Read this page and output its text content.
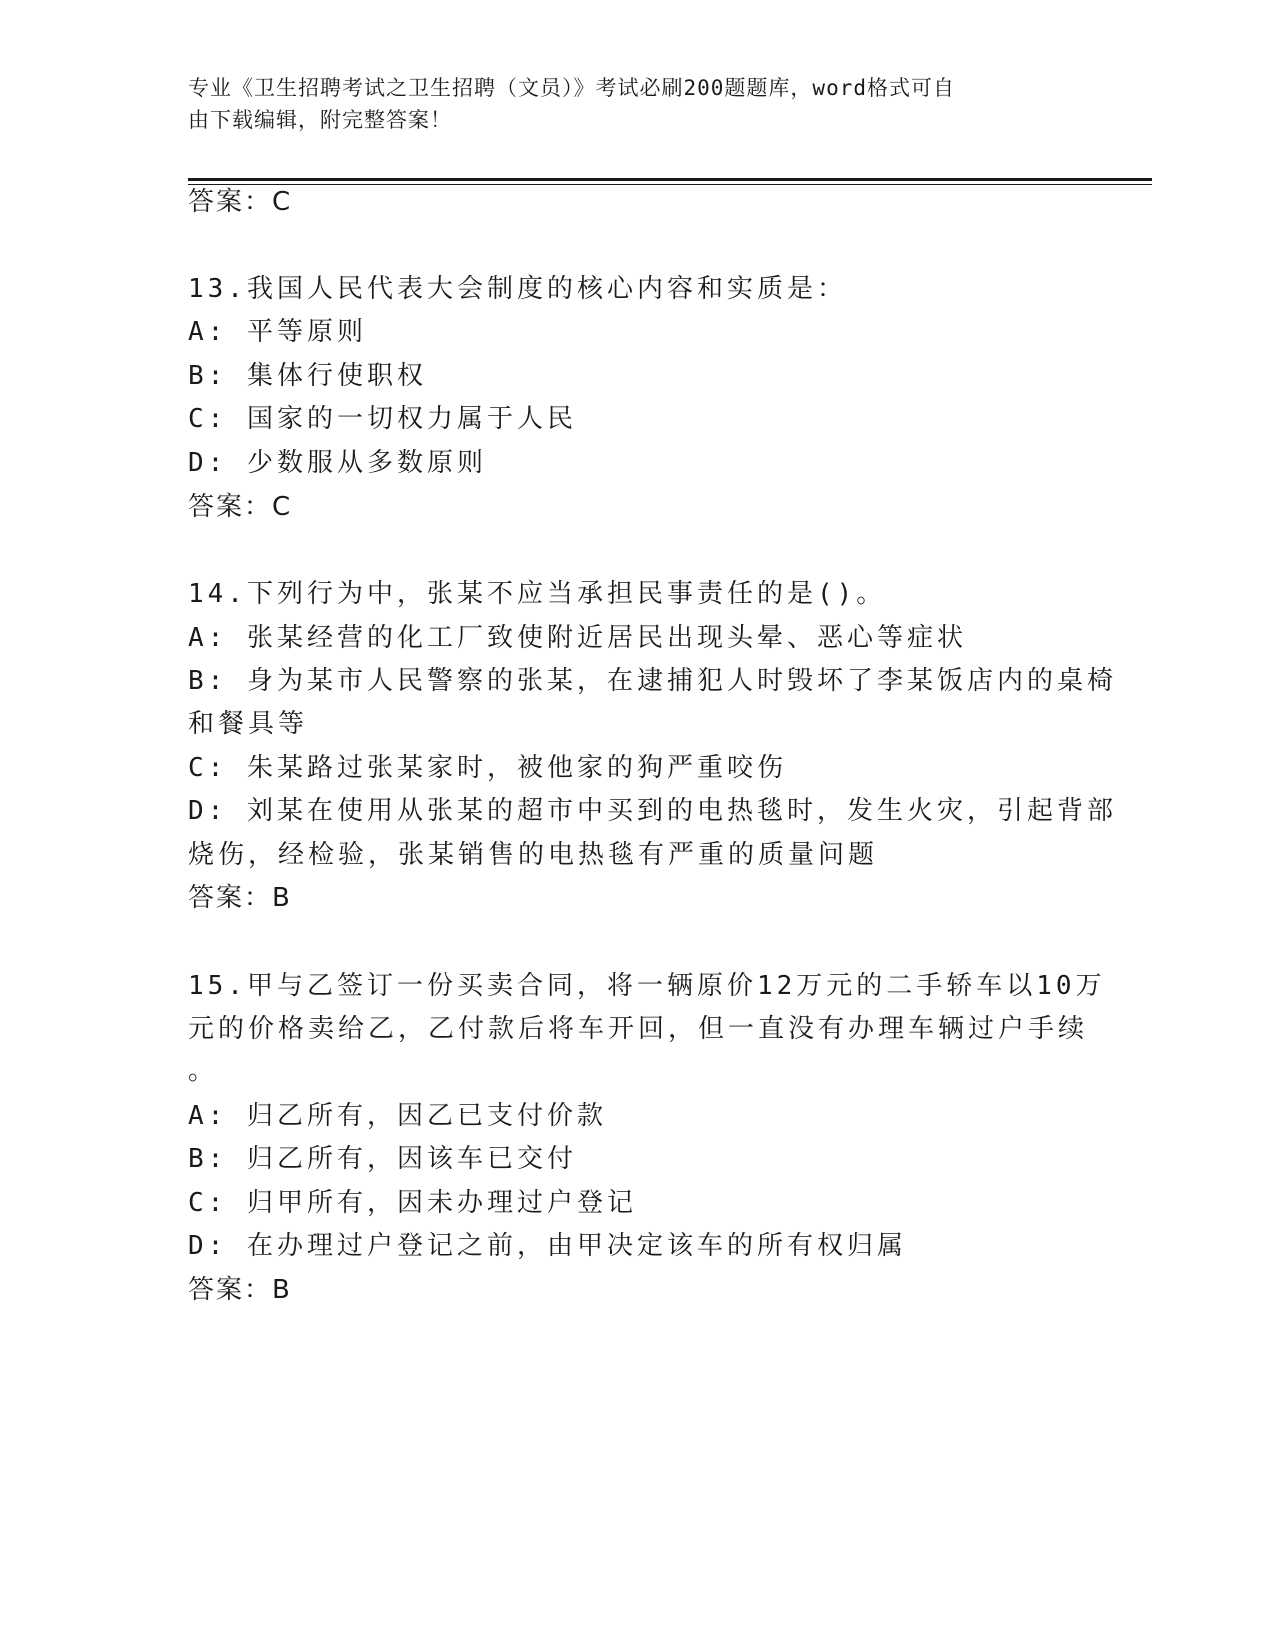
专业《卫生招聘考试之卫生招聘（文员）》考试必刷200题题库，word格式可自
由下载编辑，附完整答案！
答案：C
13.我国人民代表大会制度的核心内容和实质是：
A: 平等原则
B: 集体行使职权
C: 国家的一切权力属于人民
D: 少数服从多数原则
答案：C
14.下列行为中，张某不应当承担民事责任的是()。
A: 张某经营的化工厂致使附近居民出现头晕、恶心等症状
B: 身为某市人民警察的张某，在逮捕犯人时毁坏了李某饭店内的桌椅
和餐具等
C: 朱某路过张某家时，被他家的狗严重咬伤
D: 刘某在使用从张某的超市中买到的电热毯时，发生火灾，引起背部
烧伤，经检验，张某销售的电热毯有严重的质量问题
答案：B
15.甲与乙签订一份买卖合同，将一辆原价12万元的二手轿车以10万
元的价格卖给乙，乙付款后将车开回，但一直没有办理车辆过户手续
。
A: 归乙所有，因乙已支付价款
B: 归乙所有，因该车已交付
C: 归甲所有，因未办理过户登记
D: 在办理过户登记之前，由甲决定该车的所有权归属
答案：B
